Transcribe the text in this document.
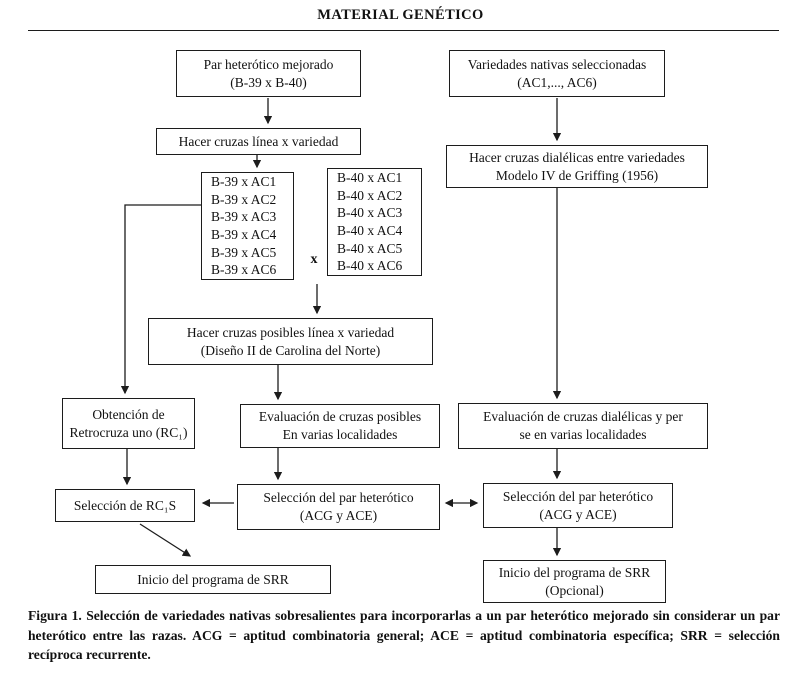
MATERIAL GENÉTICO
Par heterótico mejorado
(B-39 x B-40)
Hacer cruzas línea x variedad
B-39 x AC1
B-39 x AC2
B-39 x AC3
B-39 x AC4
B-39 x AC5
B-39 x AC6
B-40 x AC1
B-40 x AC2
B-40 x AC3
B-40 x AC4
B-40 x AC5
B-40 x AC6
x
Hacer cruzas posibles línea x variedad
(Diseño II de Carolina del Norte)
Obtención de
Retrocruza uno (RC₁)
Evaluación de cruzas posibles
En varias localidades
Selección de RC₁S	Selección del par heterótico
(ACG y ACE)
Inicio del programa de SRR
Variedades nativas seleccionadas
(AC1,..., AC6)
Hacer cruzas dialélicas entre variedades
Modelo IV de Griffing (1956)
Evaluación de cruzas dialélicas y per
se en varias localidades
Selección del par heterótico
(ACG y ACE)
Inicio del programa de SRR
(Opcional)
Figura 1. Selección de variedades nativas sobresalientes para incorporarlas a un par heterótico mejorado sin considerar un par heterótico entre las razas. ACG = aptitud combinatoria general; ACE = aptitud combinatoria específica; SRR = selección recíproca recurrente.
